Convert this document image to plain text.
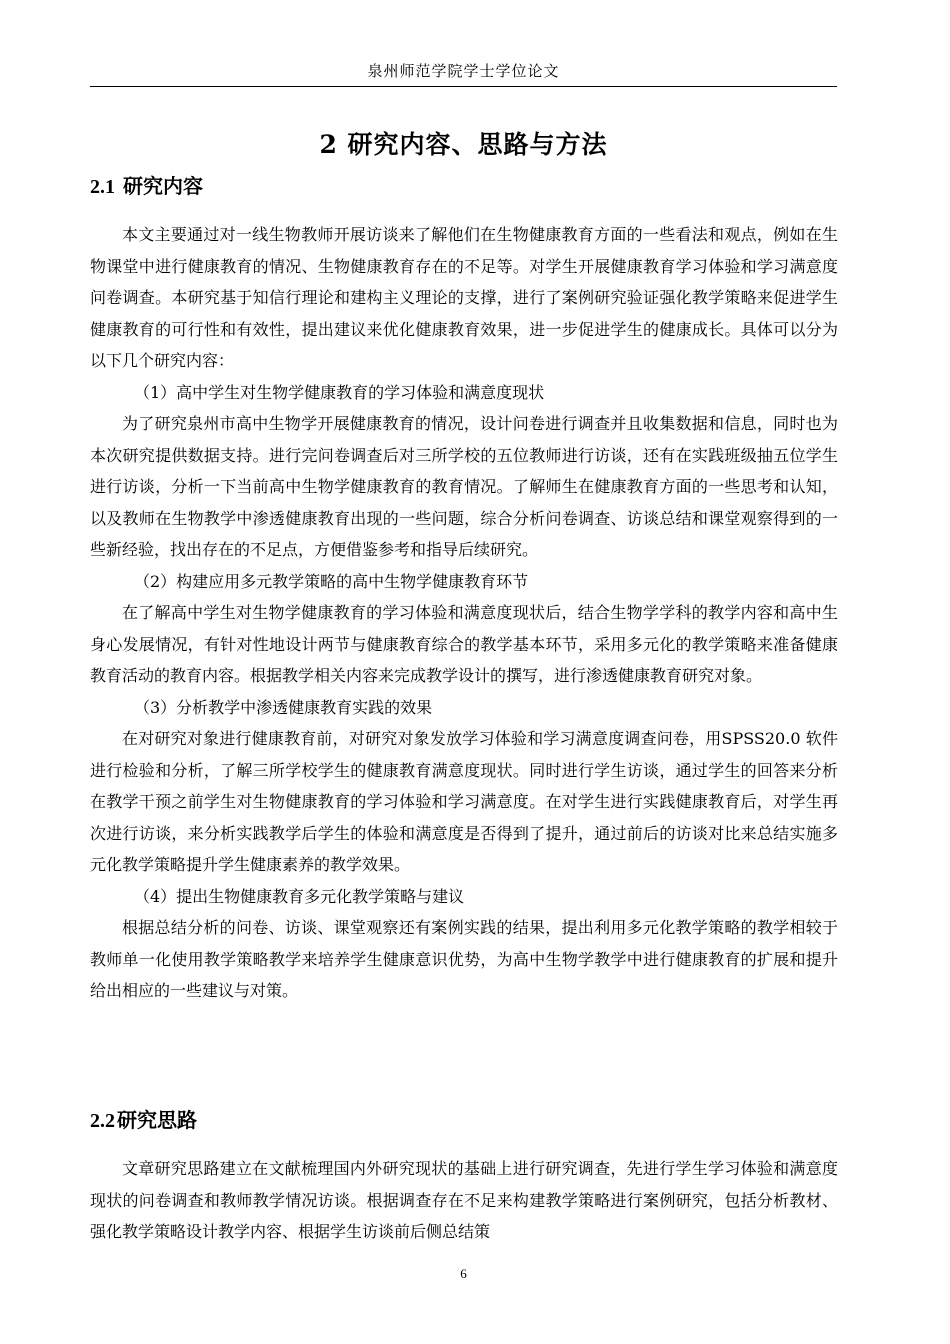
泉州师范学院学士学位论文
2 研究内容、思路与方法
2.1 研究内容

本文主要通过对一线生物教师开展访谈来了解他们在生物健康教育方面的一些看法和观点，例如在生物课堂中进行健康教育的情况、生物健康教育存在的不足等。对学生开展健康教育学习体验和学习满意度问卷调查。本研究基于知信行理论和建构主义理论的支撑，进行了案例研究验证强化教学策略来促进学生健康教育的可行性和有效性，提出建议来优化健康教育效果，进一步促进学生的健康成长。具体可以分为以下几个研究内容：

（1）高中学生对生物学健康教育的学习体验和满意度现状

为了研究泉州市高中生物学开展健康教育的情况，设计问卷进行调查并且收集数据和信息，同时也为本次研究提供数据支持。进行完问卷调查后对三所学校的五位教师进行访谈，还有在实践班级抽五位学生进行访谈，分析一下当前高中生物学健康教育的教育情况。了解师生在健康教育方面的一些思考和认知，以及教师在生物教学中渗透健康教育出现的一些问题，综合分析问卷调查、访谈总结和课堂观察得到的一些新经验，找出存在的不足点，方便借鉴参考和指导后续研究。

（2）构建应用多元教学策略的高中生物学健康教育环节

在了解高中学生对生物学健康教育的学习体验和满意度现状后，结合生物学学科的教学内容和高中生身心发展情况，有针对性地设计两节与健康教育综合的教学基本环节，采用多元化的教学策略来准备健康教育活动的教育内容。根据教学相关内容来完成教学设计的撰写，进行渗透健康教育研究对象。

（3）分析教学中渗透健康教育实践的效果

在对研究对象进行健康教育前，对研究对象发放学习体验和学习满意度调查问卷，用SPSS20.0 软件进行检验和分析，了解三所学校学生的健康教育满意度现状。同时进行学生访谈，通过学生的回答来分析在教学干预之前学生对生物健康教育的学习体验和学习满意度。在对学生进行实践健康教育后，对学生再次进行访谈，来分析实践教学后学生的体验和满意度是否得到了提升，通过前后的访谈对比来总结实施多元化教学策略提升学生健康素养的教学效果。

（4）提出生物健康教育多元化教学策略与建议

根据总结分析的问卷、访谈、课堂观察还有案例实践的结果，提出利用多元化教学策略的教学相较于教师单一化使用教学策略教学来培养学生健康意识优势，为高中生物学教学中进行健康教育的扩展和提升给出相应的一些建议与对策。

2.2 研究思路

文章研究思路建立在文献梳理国内外研究现状的基础上进行研究调查，先进行学生学习体验和满意度现状的问卷调查和教师教学情况访谈。根据调查存在不足来构建教学策略进行案例研究，包括分析教材、强化教学策略设计教学内容、根据学生访谈前后侧总结策

6
